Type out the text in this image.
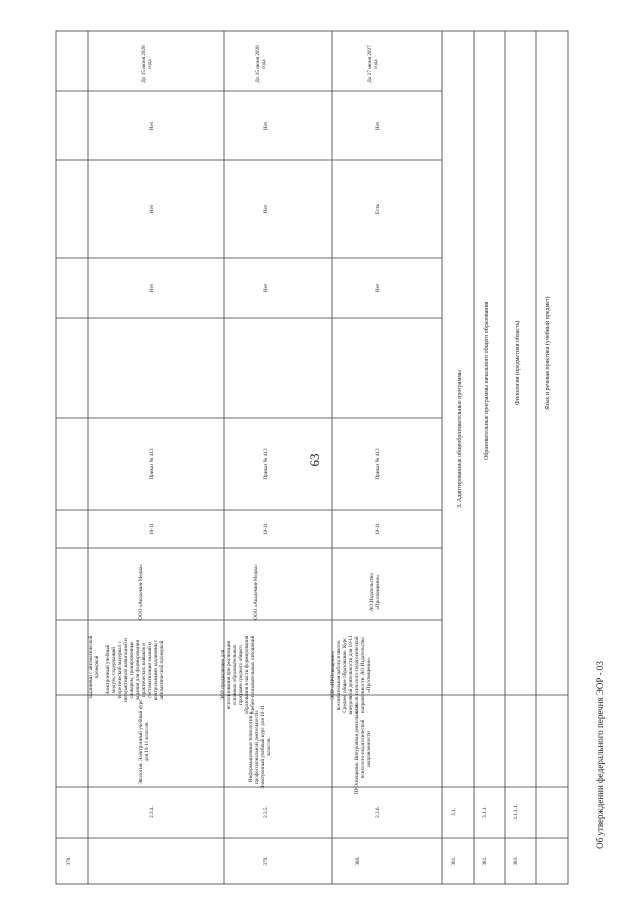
63
Об утверждении федерального перечня ЭОР - 03
заданиями с автоматической проверкой
378.
2.3.4.
Экология. Электронный учебный курс для 10-11 классов
Электронный учебный модуль, содержащий теоретический материал с интерактивной навигацией и словарем, тренировочные задания для формирования практических навыков и систематизации знаний и контрольными заданиями с автоматической проверкой
ООО «Академия-Медиа»
10-11
Приказ № 413
Нет
Нет
Нет
До 15 июня 2028 года
379.
2.3.5.
Информационные технологии в профессиональной деятельности. Электронный учебный курс для 10-11 классов
ЭОР предназначен для использования при реализации основных образовательных программ среднего общего образования в части формирования учебно-познавательных отношений
ООО «Академия-Медиа»
10-11
Приказ № 413
Нет
Нет
Нет
До 15 июня 2028 года
380.
2.3.6.
ПРОсвещение. Внеурочная деятельность психолого-педагогической направленности
ЭОР «ПРОсвещение» воспитательная работа в школе. Среднее общее образование. Курс внеурочной деятельности для 10-11 классов психолого-педагогической направленности. АО Издательство «Просвещение»
АО Издательство «Просвещение»
10-11
Приказ № 413
Нет
Есть
Нет
До 27 июня 2027 года
381.
3.1.
3. Адаптированные общеобразовательные программы
382.
3.1.1.
Образовательные программы начального общего образования
383.
3.1.1.1.
Филология (предметная область)	Язык и речевая практика (учебный предмет)
